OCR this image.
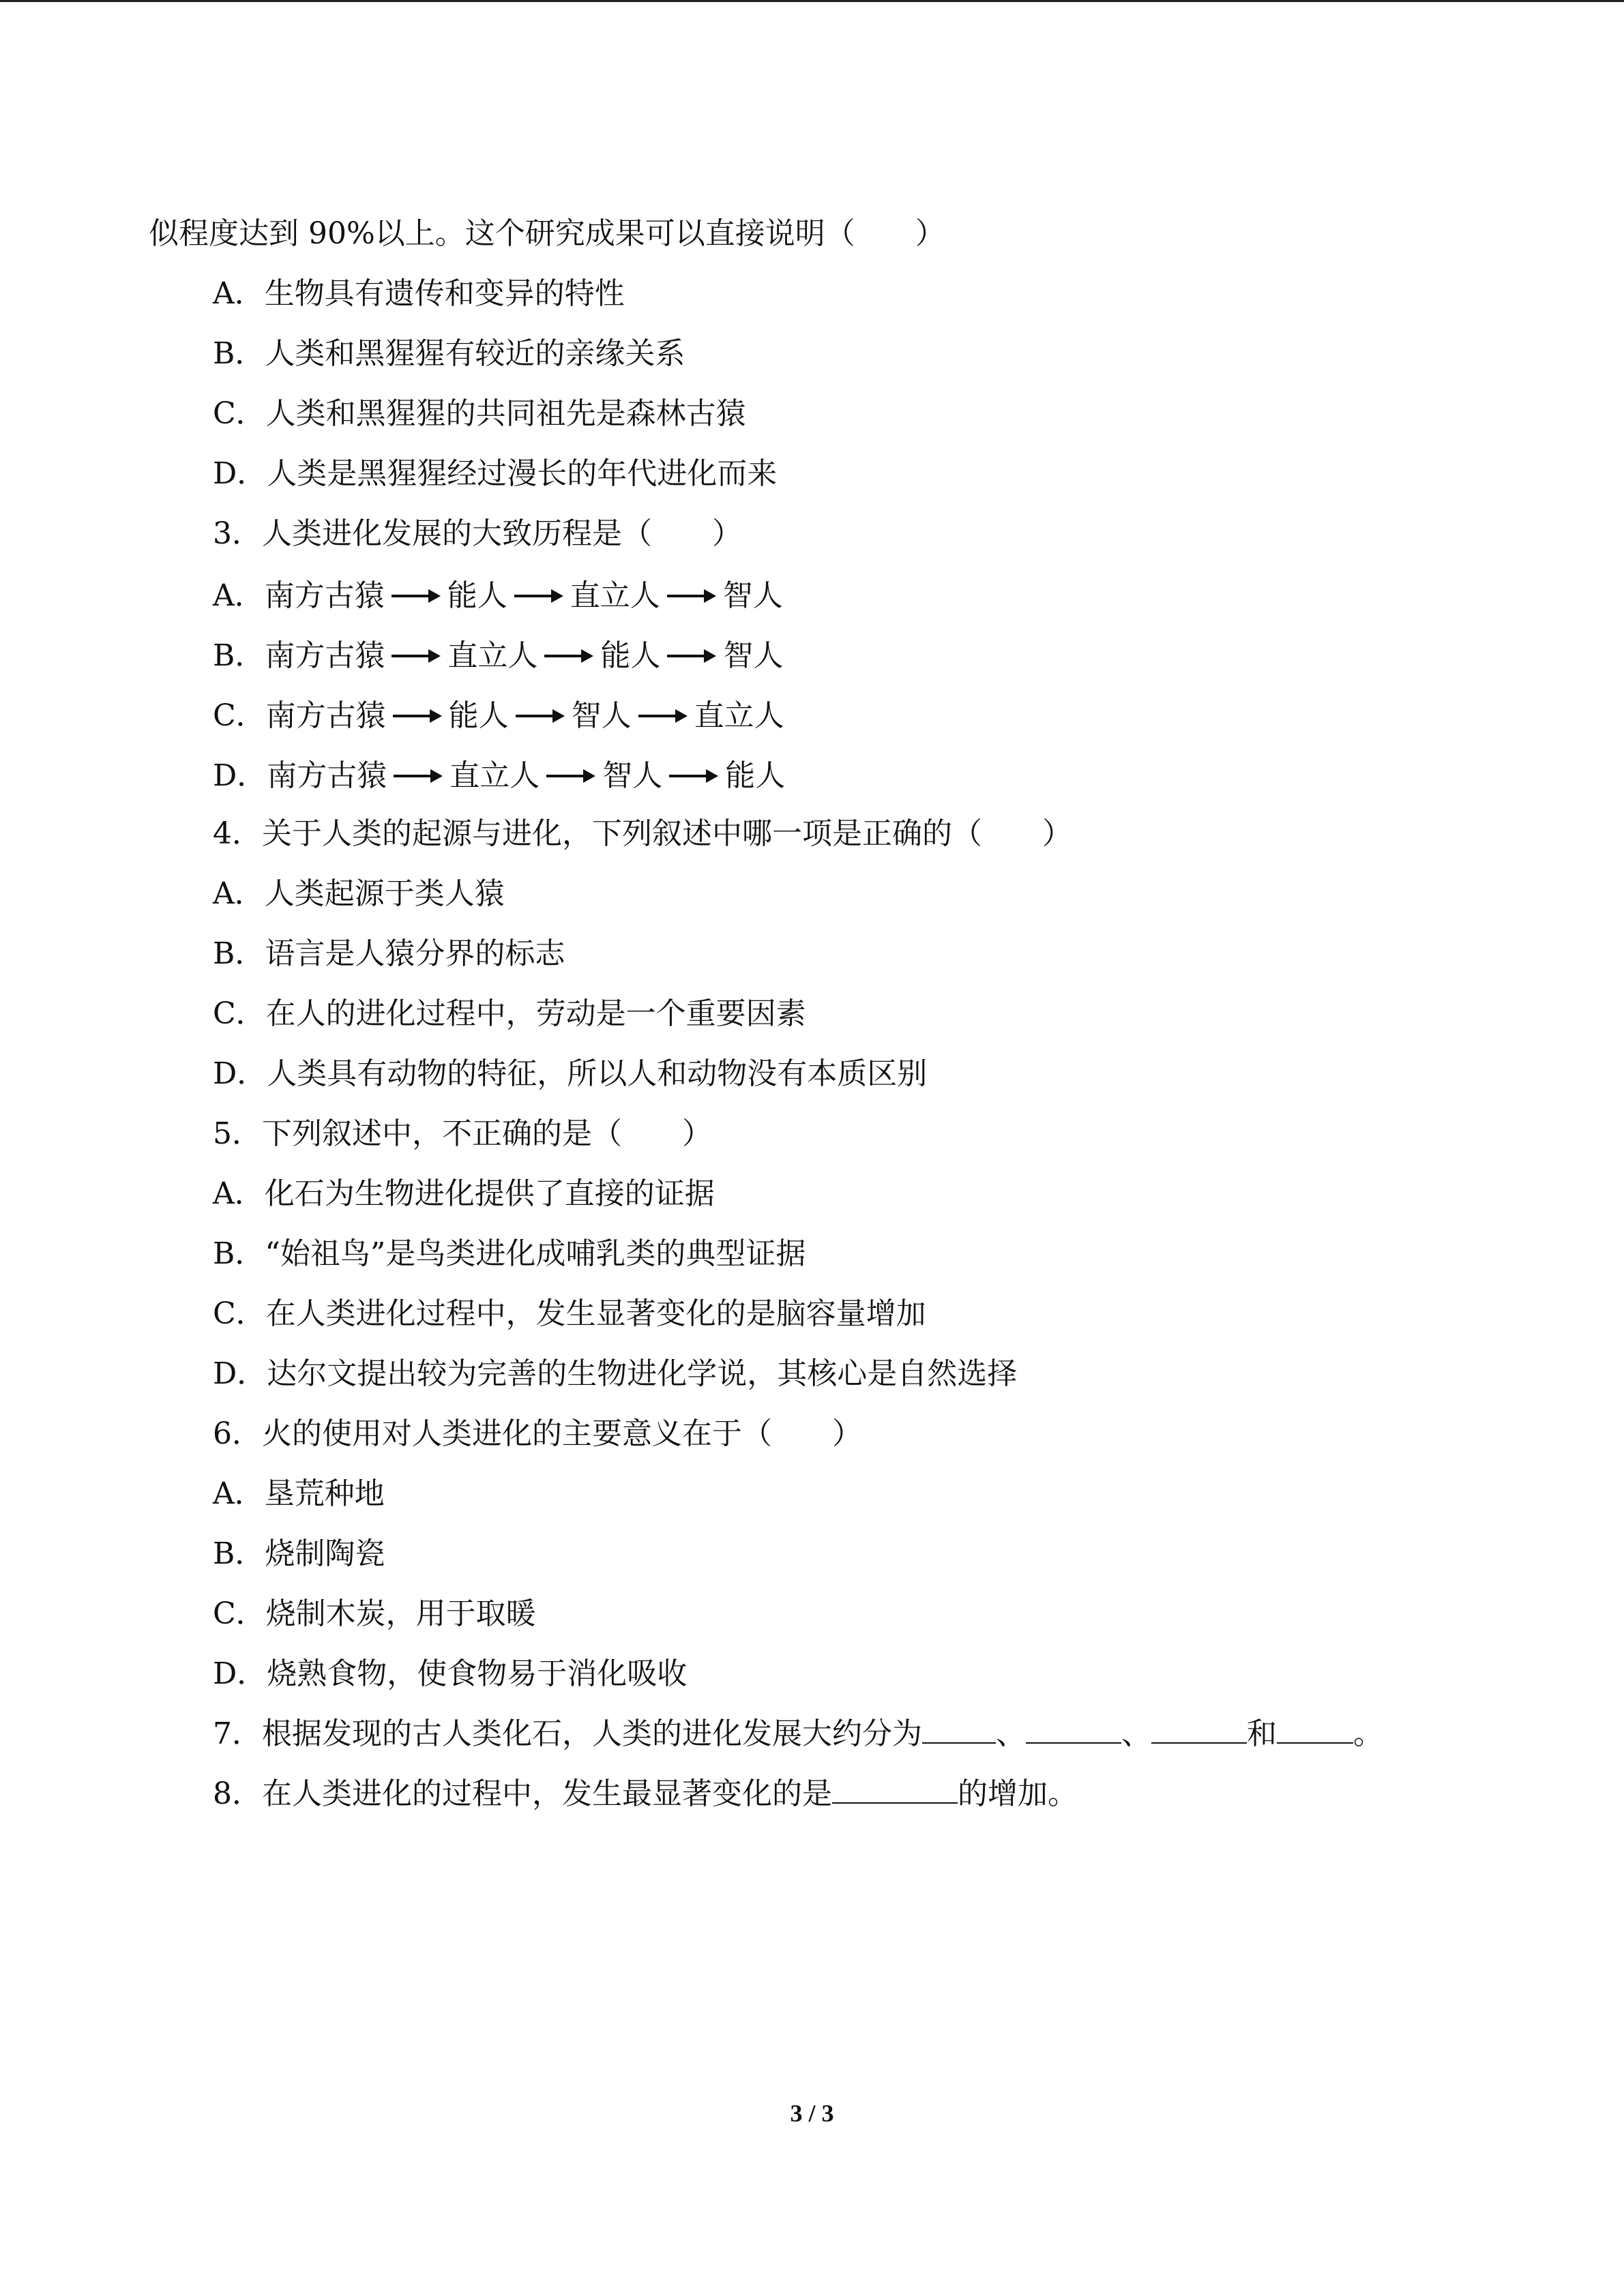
似程度达到 90%以上。这个研究成果可以直接说明（　　）
A．生物具有遗传和变异的特性
B．人类和黑猩猩有较近的亲缘关系
C．人类和黑猩猩的共同祖先是森林古猿
D．人类是黑猩猩经过漫长的年代进化而来
3．人类进化发展的大致历程是（　　）
A．南方古猿 能人 直立人 智人
B．南方古猿 直立人 能人 智人
C．南方古猿 能人 智人 直立人
D．南方古猿 直立人 智人 能人
4．关于人类的起源与进化，下列叙述中哪一项是正确的（　　）
A．人类起源于类人猿
B．语言是人猿分界的标志
C．在人的进化过程中，劳动是一个重要因素
D．人类具有动物的特征，所以人和动物没有本质区别
5．下列叙述中，不正确的是（　　）
A．化石为生物进化提供了直接的证据
B．“始祖鸟”是鸟类进化成哺乳类的典型证据
C．在人类进化过程中，发生显著变化的是脑容量增加
D．达尔文提出较为完善的生物进化学说，其核心是自然选择
6．火的使用对人类进化的主要意义在于（　　）
A．垦荒种地
B．烧制陶瓷
C．烧制木炭，用于取暖
D．烧熟食物，使食物易于消化吸收
7．根据发现的古人类化石，人类的进化发展大约分为 、	、	和	。
8．在人类进化的过程中，发生最显著变化的是	的增加。
3 / 3
